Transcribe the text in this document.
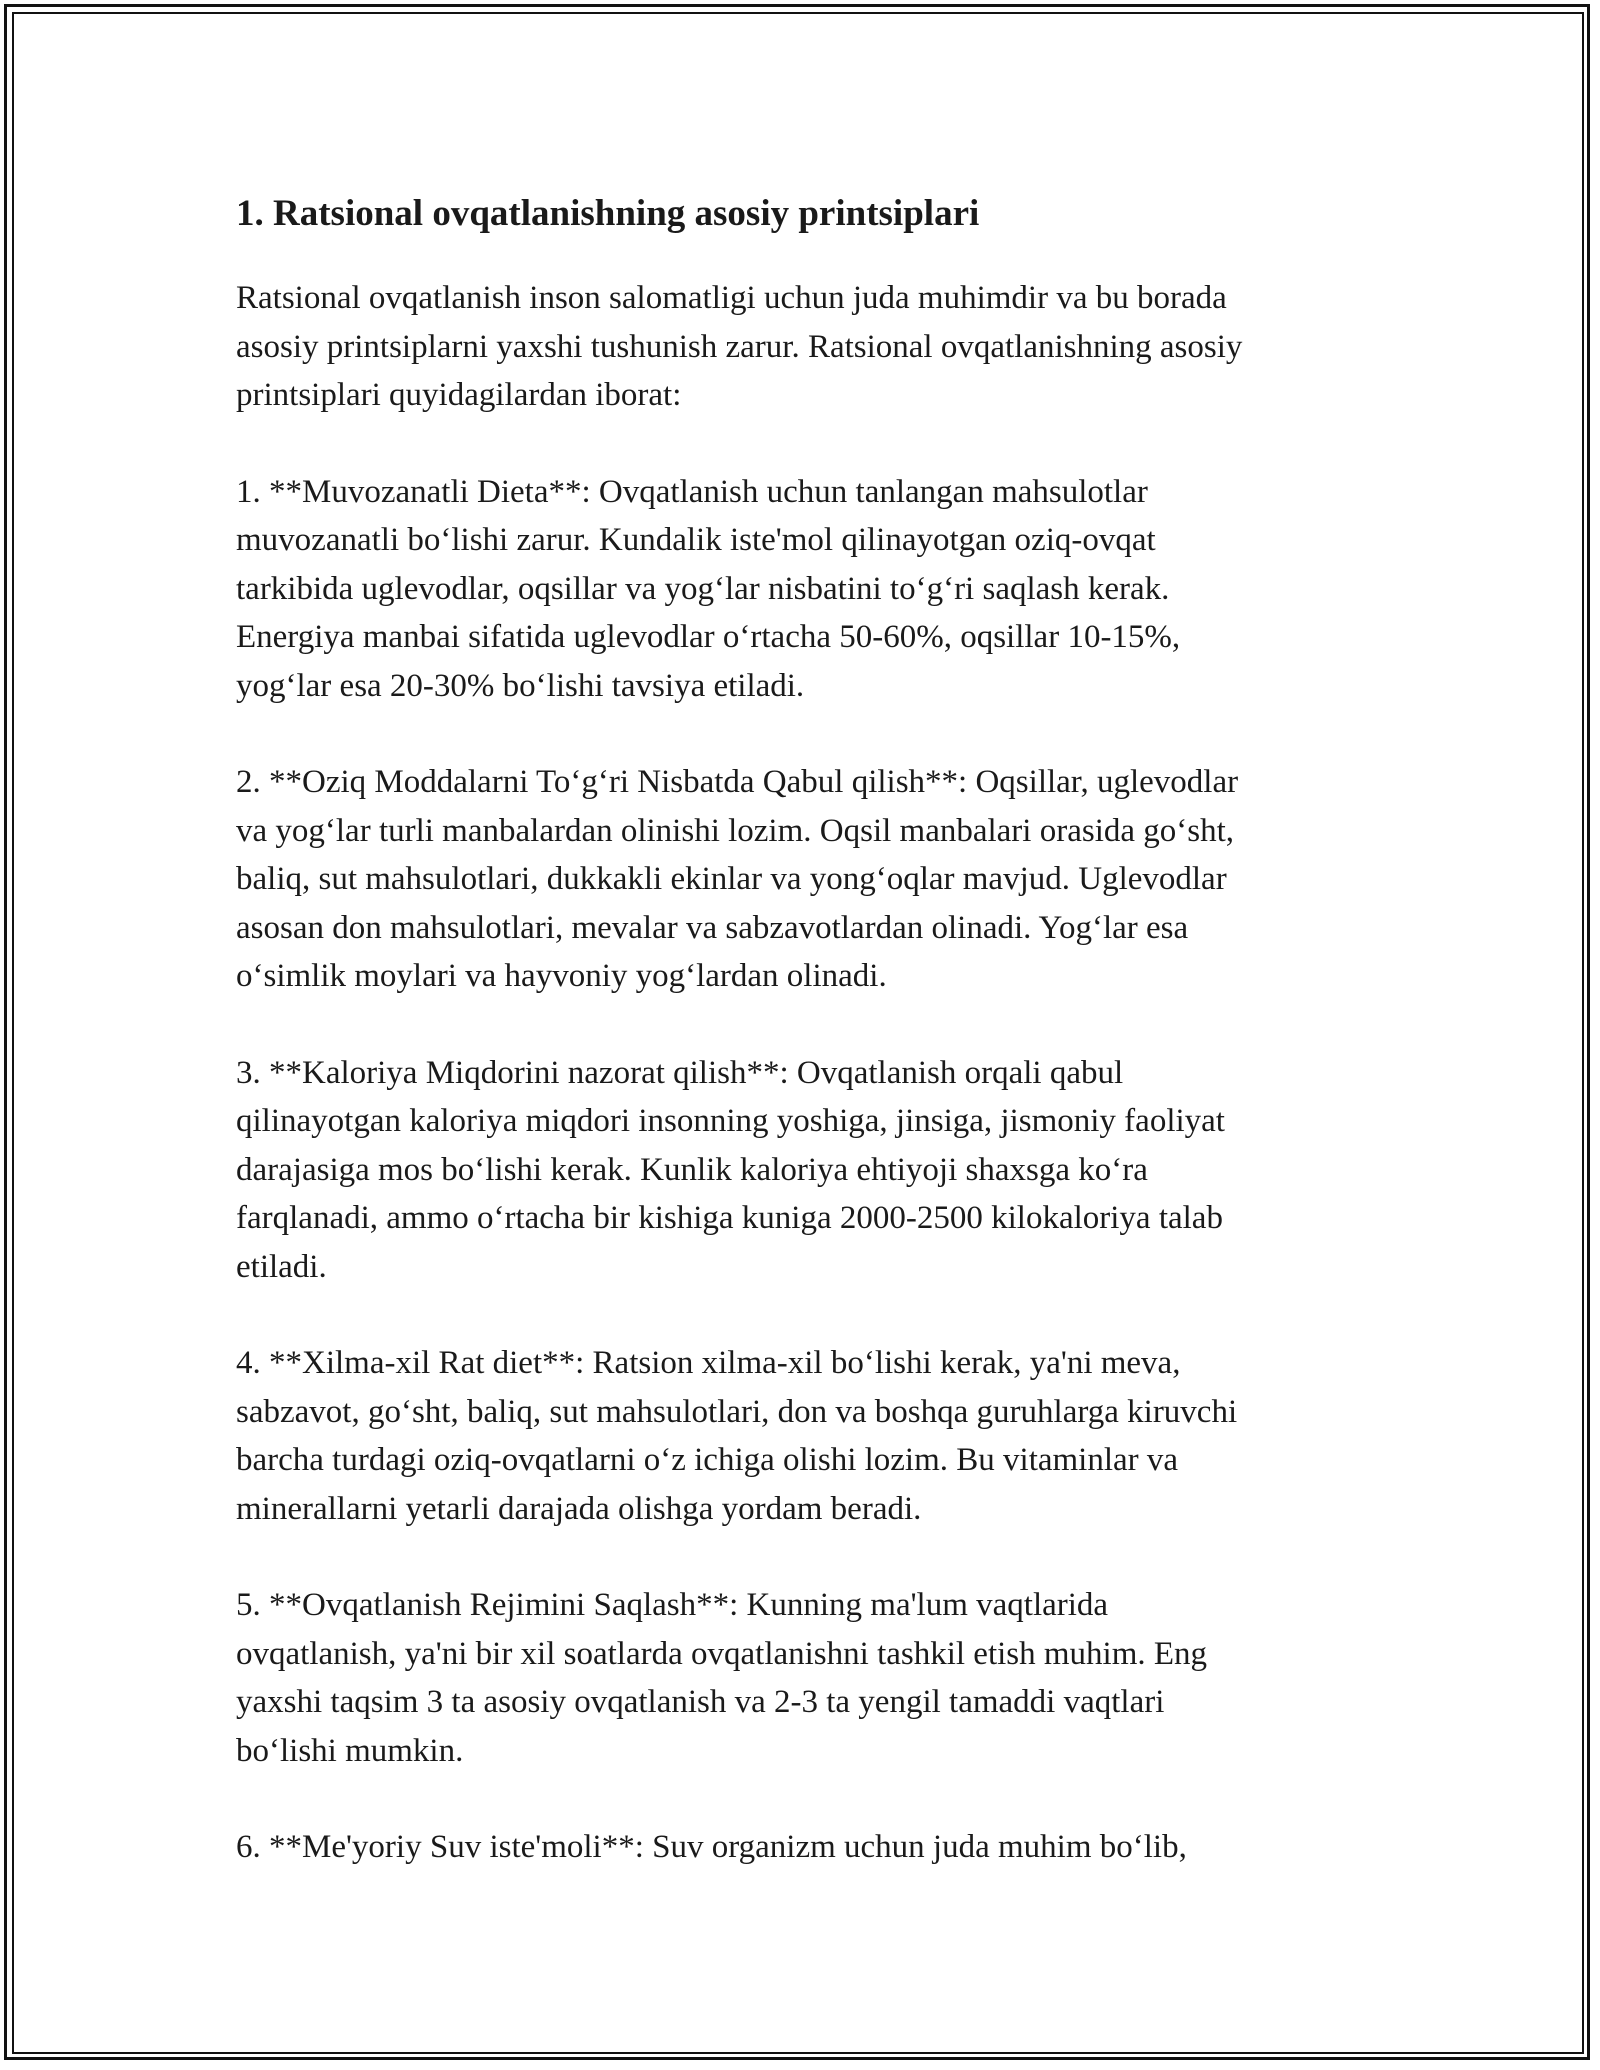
1. Ratsional ovqatlanishning asosiy printsiplari

Ratsional ovqatlanish inson salomatligi uchun juda muhimdir va bu borada
asosiy printsiplarni yaxshi tushunish zarur. Ratsional ovqatlanishning asosiy
printsiplari quyidagilardan iborat:

1. **Muvozanatli Dieta**: Ovqatlanish uchun tanlangan mahsulotlar
muvozanatli bo‘lishi zarur. Kundalik iste'mol qilinayotgan oziq-ovqat
tarkibida uglevodlar, oqsillar va yog‘lar nisbatini to‘g‘ri saqlash kerak.
Energiya manbai sifatida uglevodlar o‘rtacha 50-60%, oqsillar 10-15%,
yog‘lar esa 20-30% bo‘lishi tavsiya etiladi.

2. **Oziq Moddalarni To‘g‘ri Nisbatda Qabul qilish**: Oqsillar, uglevodlar
va yog‘lar turli manbalardan olinishi lozim. Oqsil manbalari orasida go‘sht,
baliq, sut mahsulotlari, dukkakli ekinlar va yong‘oqlar mavjud. Uglevodlar
asosan don mahsulotlari, mevalar va sabzavotlardan olinadi. Yog‘lar esa
o‘simlik moylari va hayvoniy yog‘lardan olinadi.

3. **Kaloriya Miqdorini nazorat qilish**: Ovqatlanish orqali qabul
qilinayotgan kaloriya miqdori insonning yoshiga, jinsiga, jismoniy faoliyat
darajasiga mos bo‘lishi kerak. Kunlik kaloriya ehtiyoji shaxsga ko‘ra
farqlanadi, ammo o‘rtacha bir kishiga kuniga 2000-2500 kilokaloriya talab
etiladi.

4. **Xilma-xil Rat diet**: Ratsion xilma-xil bo‘lishi kerak, ya'ni meva,
sabzavot, go‘sht, baliq, sut mahsulotlari, don va boshqa guruhlarga kiruvchi
barcha turdagi oziq-ovqatlarni o‘z ichiga olishi lozim. Bu vitaminlar va
minerallarni yetarli darajada olishga yordam beradi.

5. **Ovqatlanish Rejimini Saqlash**: Kunning ma'lum vaqtlarida
ovqatlanish, ya'ni bir xil soatlarda ovqatlanishni tashkil etish muhim. Eng
yaxshi taqsim 3 ta asosiy ovqatlanish va 2-3 ta yengil tamaddi vaqtlari
bo‘lishi mumkin.

6. **Me'yoriy Suv iste'moli**: Suv organizm uchun juda muhim bo‘lib,
